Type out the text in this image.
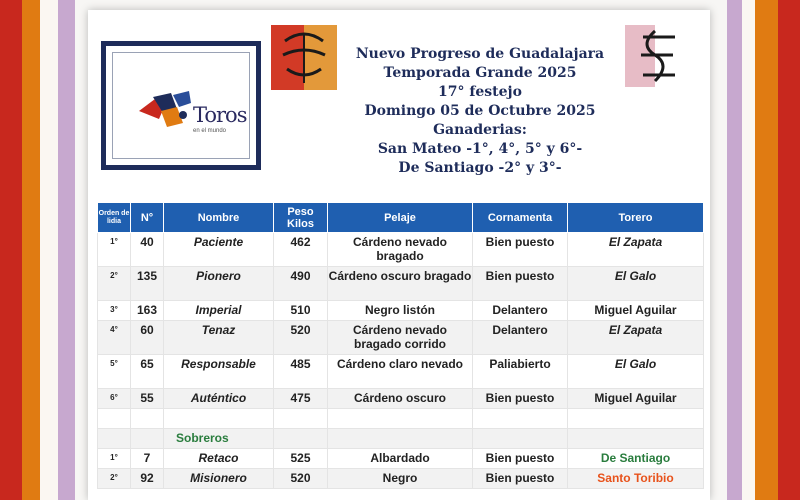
Toros
en el mundo
Nuevo Progreso de Guadalajara
Temporada Grande 2025
17° festejo
Domingo 05 de Octubre 2025
Ganaderias:
San Mateo -1°, 4°, 5° y 6°-
De Santiago -2° y 3°-
Orden de lidia	N°	Nombre	Peso Kilos	Pelaje	Cornamenta	Torero
1°	40	Paciente	462	Cárdeno nevado bragado	Bien puesto	El Zapata
2°	135	Pionero	490	Cárdeno oscuro bragado	Bien puesto	El Galo
3°	163	Imperial	510	Negro listón	Delantero	Miguel Aguilar
4°	60	Tenaz	520	Cárdeno nevado bragado corrido	Delantero	El Zapata
5°	65	Responsable	485	Cárdeno claro nevado	Paliabierto	El Galo
6°	55	Auténtico	475	Cárdeno oscuro	Bien puesto	Miguel Aguilar

		Sobreros				
1°	7	Retaco	525	Albardado	Bien puesto	De Santiago
2°	92	Misionero	520	Negro	Bien puesto	Santo Toribio
